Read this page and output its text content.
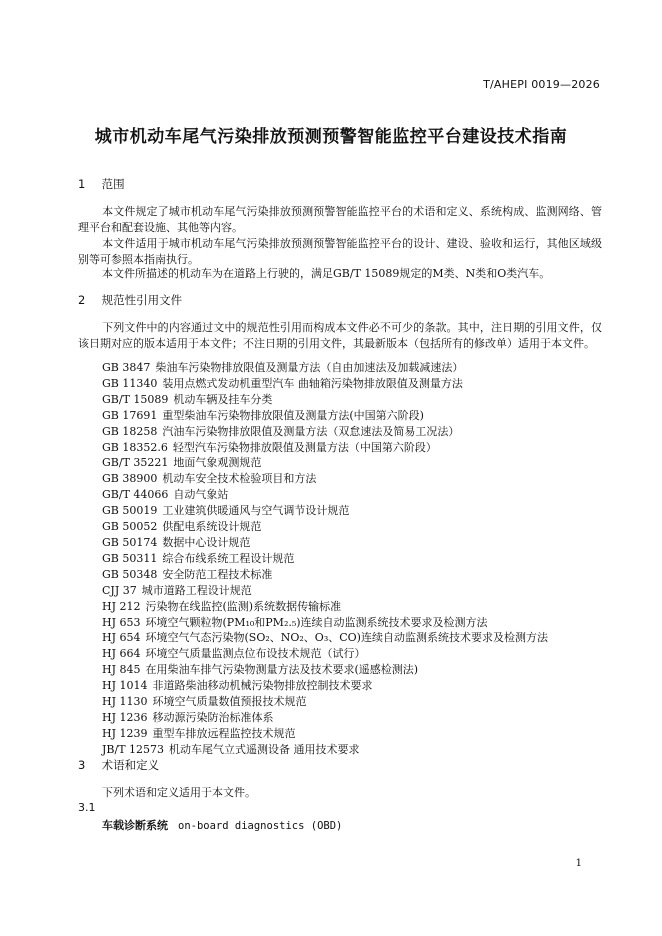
T/AHEPI 0019—2026
城市机动车尾气污染排放预测预警智能监控平台建设技术指南
1 范围

本文件规定了城市机动车尾气污染排放预测预警智能监控平台的术语和定义、系统构成、监测网络、管理平台和配套设施、其他等内容。

本文件适用于城市机动车尾气污染排放预测预警智能监控平台的设计、建设、验收和运行，其他区域级别等可参照本指南执行。

本文件所描述的机动车为在道路上行驶的，满足GB/T 15089规定的M类、N类和O类汽车。

2 规范性引用文件

下列文件中的内容通过文中的规范性引用而构成本文件必不可少的条款。其中，注日期的引用文件，仅该日期对应的版本适用于本文件；不注日期的引用文件，其最新版本（包括所有的修改单）适用于本文件。

GB 3847 柴油车污染物排放限值及测量方法（自由加速法及加载减速法）
GB 11340 装用点燃式发动机重型汽车 曲轴箱污染物排放限值及测量方法
GB/T 15089 机动车辆及挂车分类
GB 17691 重型柴油车污染物排放限值及测量方法(中国第六阶段)
GB 18258 汽油车污染物排放限值及测量方法（双怠速法及简易工况法）
GB 18352.6 轻型汽车污染物排放限值及测量方法（中国第六阶段）
GB/T 35221 地面气象观测规范
GB 38900 机动车安全技术检验项目和方法
GB/T 44066 自动气象站
GB 50019 工业建筑供暖通风与空气调节设计规范
GB 50052 供配电系统设计规范
GB 50174 数据中心设计规范
GB 50311 综合布线系统工程设计规范
GB 50348 安全防范工程技术标准
CJJ 37 城市道路工程设计规范
HJ 212 污染物在线监控(监测)系统数据传输标准
HJ 653 环境空气颗粒物(PM₁₀和PM₂.₅)连续自动监测系统技术要求及检测方法
HJ 654 环境空气气态污染物(SO₂、NO₂、O₃、CO)连续自动监测系统技术要求及检测方法
HJ 664 环境空气质量监测点位布设技术规范（试行）
HJ 845 在用柴油车排气污染物测量方法及技术要求(遥感检测法)
HJ 1014 非道路柴油移动机械污染物排放控制技术要求
HJ 1130 环境空气质量数值预报技术规范
HJ 1236 移动源污染防治标准体系
HJ 1239 重型车排放远程监控技术规范
JB/T 12573 机动车尾气立式遥测设备 通用技术要求
3 术语和定义

下列术语和定义适用于本文件。

3.1
车载诊断系统 on-board diagnostics (OBD)
1
